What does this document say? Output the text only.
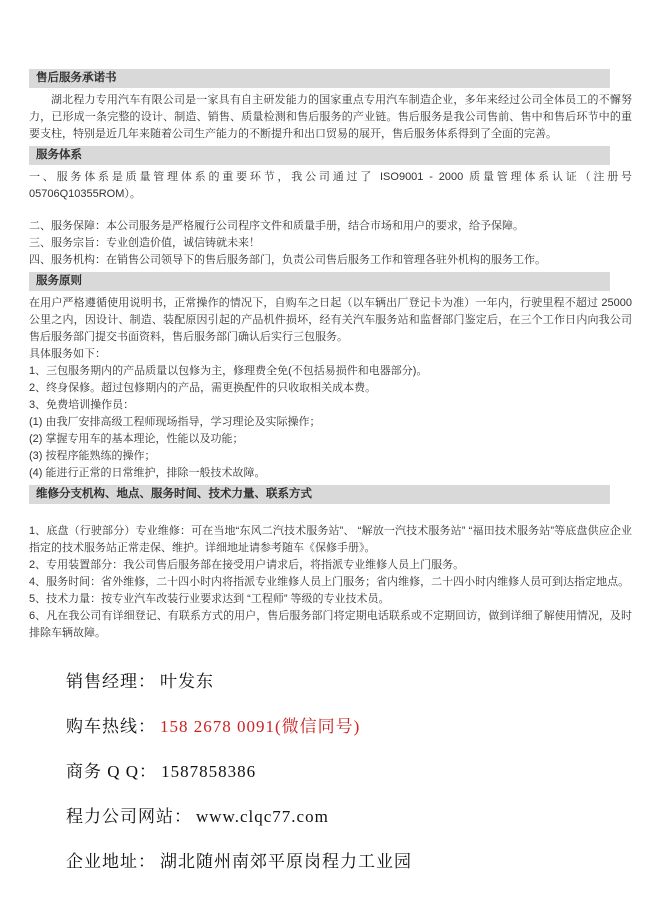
售后服务承诺书
湖北程力专用汽车有限公司是一家具有自主研发能力的国家重点专用汽车制造企业，多年来经过公司全体员工的不懈努力，已形成一条完整的设计、制造、销售、质量检测和售后服务的产业链。售后服务是我公司售前、售中和售后环节中的重要支柱，特别是近几年来随着公司生产能力的不断提升和出口贸易的展开，售后服务体系得到了全面的完善。
服务体系
一、服务体系是质量管理体系的重要环节，我公司通过了 ISO9001 - 2000 质量管理体系认证（注册号 05706Q10355ROM）。
二、服务保障：本公司服务是严格履行公司程序文件和质量手册，结合市场和用户的要求，给予保障。
三、服务宗旨：专业创造价值，诚信铸就未来！
四、服务机构：在销售公司领导下的售后服务部门，负责公司售后服务工作和管理各驻外机构的服务工作。
服务原则
在用户严格遵循使用说明书，正常操作的情况下，自购车之日起（以车辆出厂登记卡为准）一年内，行驶里程不超过 25000 公里之内，因设计、制造、装配原因引起的产品机件损坏，经有关汽车服务站和监督部门鉴定后，在三个工作日内向我公司售后服务部门提交书面资料，售后服务部门确认后实行三包服务。
具体服务如下：
1、三包服务期内的产品质量以包修为主，修理费全免(不包括易损件和电器部分)。
2、终身保修。超过包修期内的产品，需更换配件的只收取相关成本费。
3、免费培训操作员：
(1) 由我厂安排高级工程师现场指导，学习理论及实际操作；
(2) 掌握专用车的基本理论，性能以及功能；
(3) 按程序能熟练的操作；
(4) 能进行正常的日常维护，排除一般技术故障。
维修分支机构、地点、服务时间、技术力量、联系方式
1、底盘（行驶部分）专业维修：可在当地“东风二汽技术服务站”、 “解放一汽技术服务站” “福田技术服务站”等底盘供应企业指定的技术服务站正常走保、维护。详细地址请参考随车《保修手册》。
2、专用装置部分：我公司售后服务部在接受用户请求后，将指派专业维修人员上门服务。
4、服务时间：省外维修，二十四小时内将指派专业维修人员上门服务；省内维修，二十四小时内维修人员可到达指定地点。
5、技术力量：按专业汽车改装行业要求达到 “工程师” 等级的专业技术员。
6、凡在我公司有详细登记、有联系方式的用户，售后服务部门将定期电话联系或不定期回访，做到详细了解使用情况，及时排除车辆故障。
销售经理： 叶发东
购车热线： 158 2678 0091(微信同号)
商务 Q Q： 1587858386
程力公司网站： www.clqc77.com
企业地址： 湖北随州南郊平原岗程力工业园
